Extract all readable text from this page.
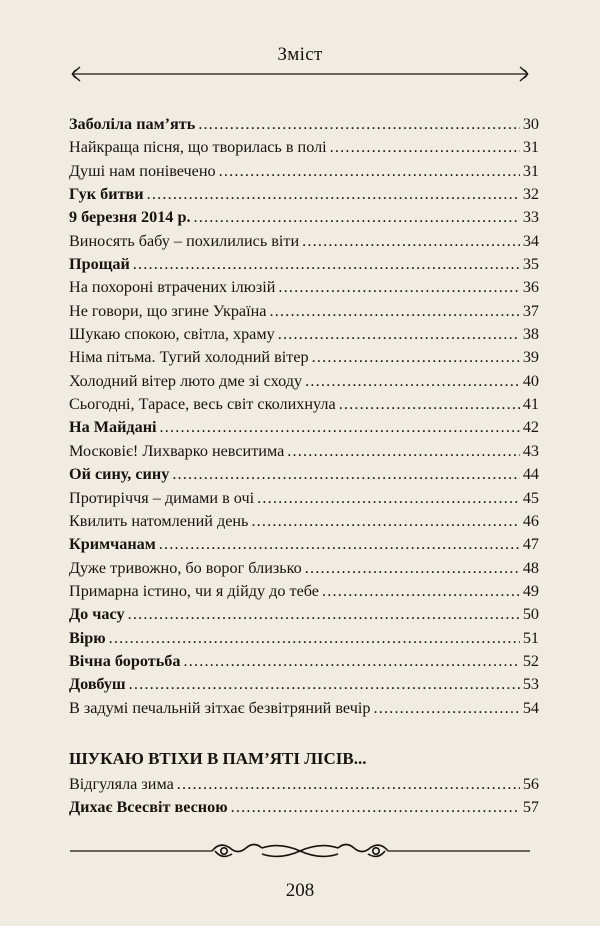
Зміст
Заболіла пам’ять .....	30
Найкраща пісня, що творилась в полі .....	31
Душі нам понівечено .....	31
Гук битви .....	32
9 березня 2014 р. .....	33
Виносять бабу – похилились віти .....	34
Прощай .....	35
На похороні втрачених ілюзій .....	36
Не говори, що згине Україна .....	37
Шукаю спокою, світла, храму .....	38
Німа пітьма. Тугий холодний вітер .....	39
Холодний вітер люто дме зі сходу .....	40
Сьогодні, Тарасе, весь світ сколихнула .....	41
На Майдані .....	42
Московіє! Лихварко невситима .....	43
Ой сину, сину .....	44
Протиріччя – димами в очі .....	45
Квилить натомлений день .....	46
Кримчанам .....	47
Дуже тривожно, бо ворог близько .....	48
Примарна істино, чи я дійду до тебе .....	49
До часу .....	50
Вірю .....	51
Вічна боротьба .....	52
Довбуш .....	53
В задумі печальній зітхає безвітряний вечір .....	54
ШУКАЮ ВТІХИ В ПАМ’ЯТІ ЛІСІВ...
Відгуляла зима .....	56
Дихає Всесвіт весною .....	57
208
